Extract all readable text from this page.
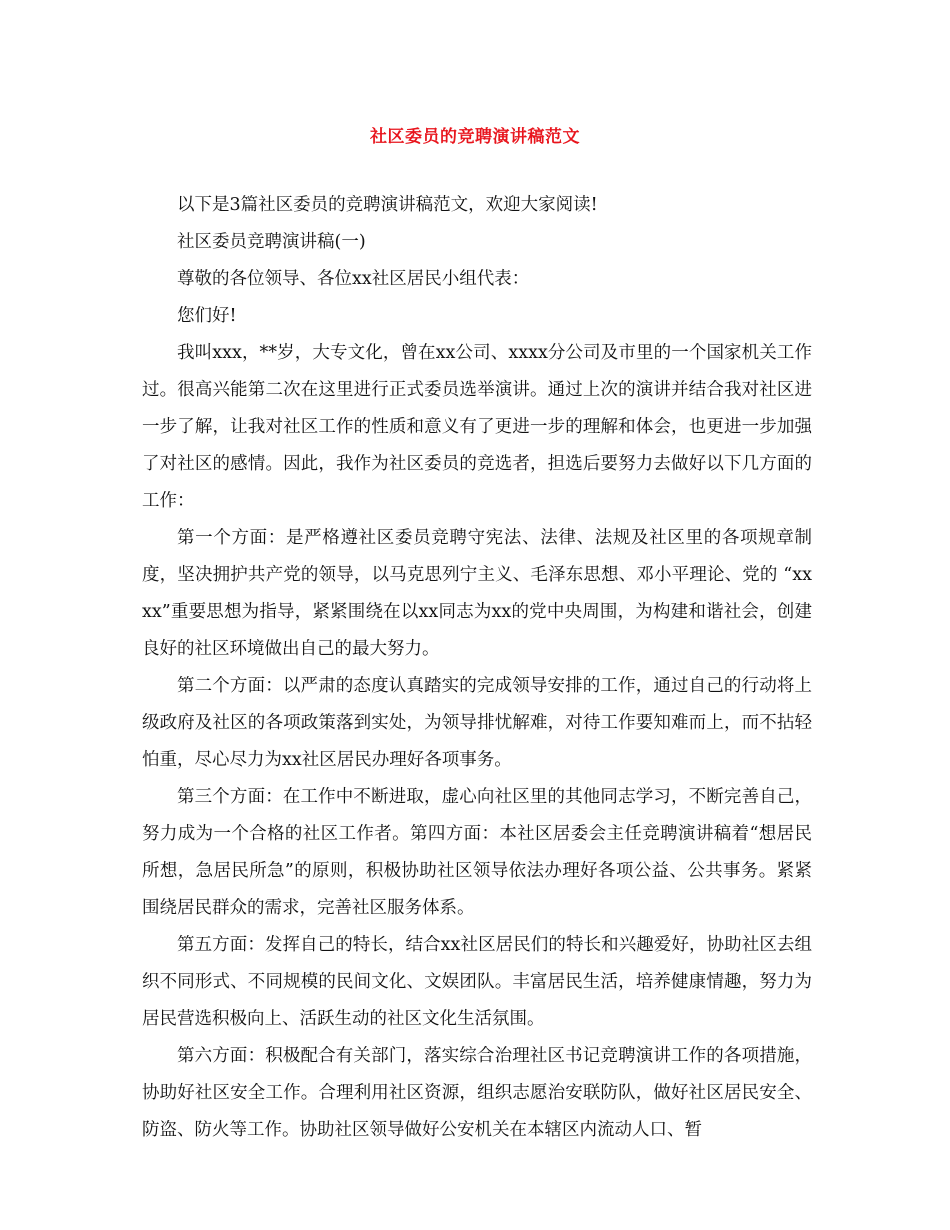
社区委员的竞聘演讲稿范文

以下是3篇社区委员的竞聘演讲稿范文，欢迎大家阅读!

社区委员竞聘演讲稿(一)

尊敬的各位领导、各位xx社区居民小组代表：

您们好!

我叫xxx，**岁，大专文化，曾在xx公司、xxxx分公司及市里的一个国家机关工作过。很高兴能第二次在这里进行正式委员选举演讲。通过上次的演讲并结合我对社区进一步了解，让我对社区工作的性质和意义有了更进一步的理解和体会，也更进一步加强了对社区的感情。因此，我作为社区委员的竞选者，担选后要努力去做好以下几方面的工作：

第一个方面：是严格遵社区委员竞聘守宪法、法律、法规及社区里的各项规章制度，坚决拥护共产党的领导，以马克思列宁主义、毛泽东思想、邓小平理论、党的 “xxxx”重要思想为指导，紧紧围绕在以xx同志为xx的党中央周围，为构建和谐社会，创建良好的社区环境做出自己的最大努力。

第二个方面：以严肃的态度认真踏实的完成领导安排的工作，通过自己的行动将上级政府及社区的各项政策落到实处，为领导排忧解难，对待工作要知难而上，而不拈轻怕重，尽心尽力为xx社区居民办理好各项事务。

第三个方面：在工作中不断进取，虚心向社区里的其他同志学习，不断完善自己，努力成为一个合格的社区工作者。第四方面：本社区居委会主任竞聘演讲稿着“想居民所想，急居民所急”的原则，积极协助社区领导依法办理好各项公益、公共事务。紧紧围绕居民群众的需求，完善社区服务体系。

第五方面：发挥自己的特长，结合xx社区居民们的特长和兴趣爱好，协助社区去组织不同形式、不同规模的民间文化、文娱团队。丰富居民生活，培养健康情趣，努力为居民营选积极向上、活跃生动的社区文化生活氛围。

第六方面：积极配合有关部门，落实综合治理社区书记竞聘演讲工作的各项措施，协助好社区安全工作。合理利用社区资源，组织志愿治安联防队，做好社区居民安全、防盗、防火等工作。协助社区领导做好公安机关在本辖区内流动人口、暂
